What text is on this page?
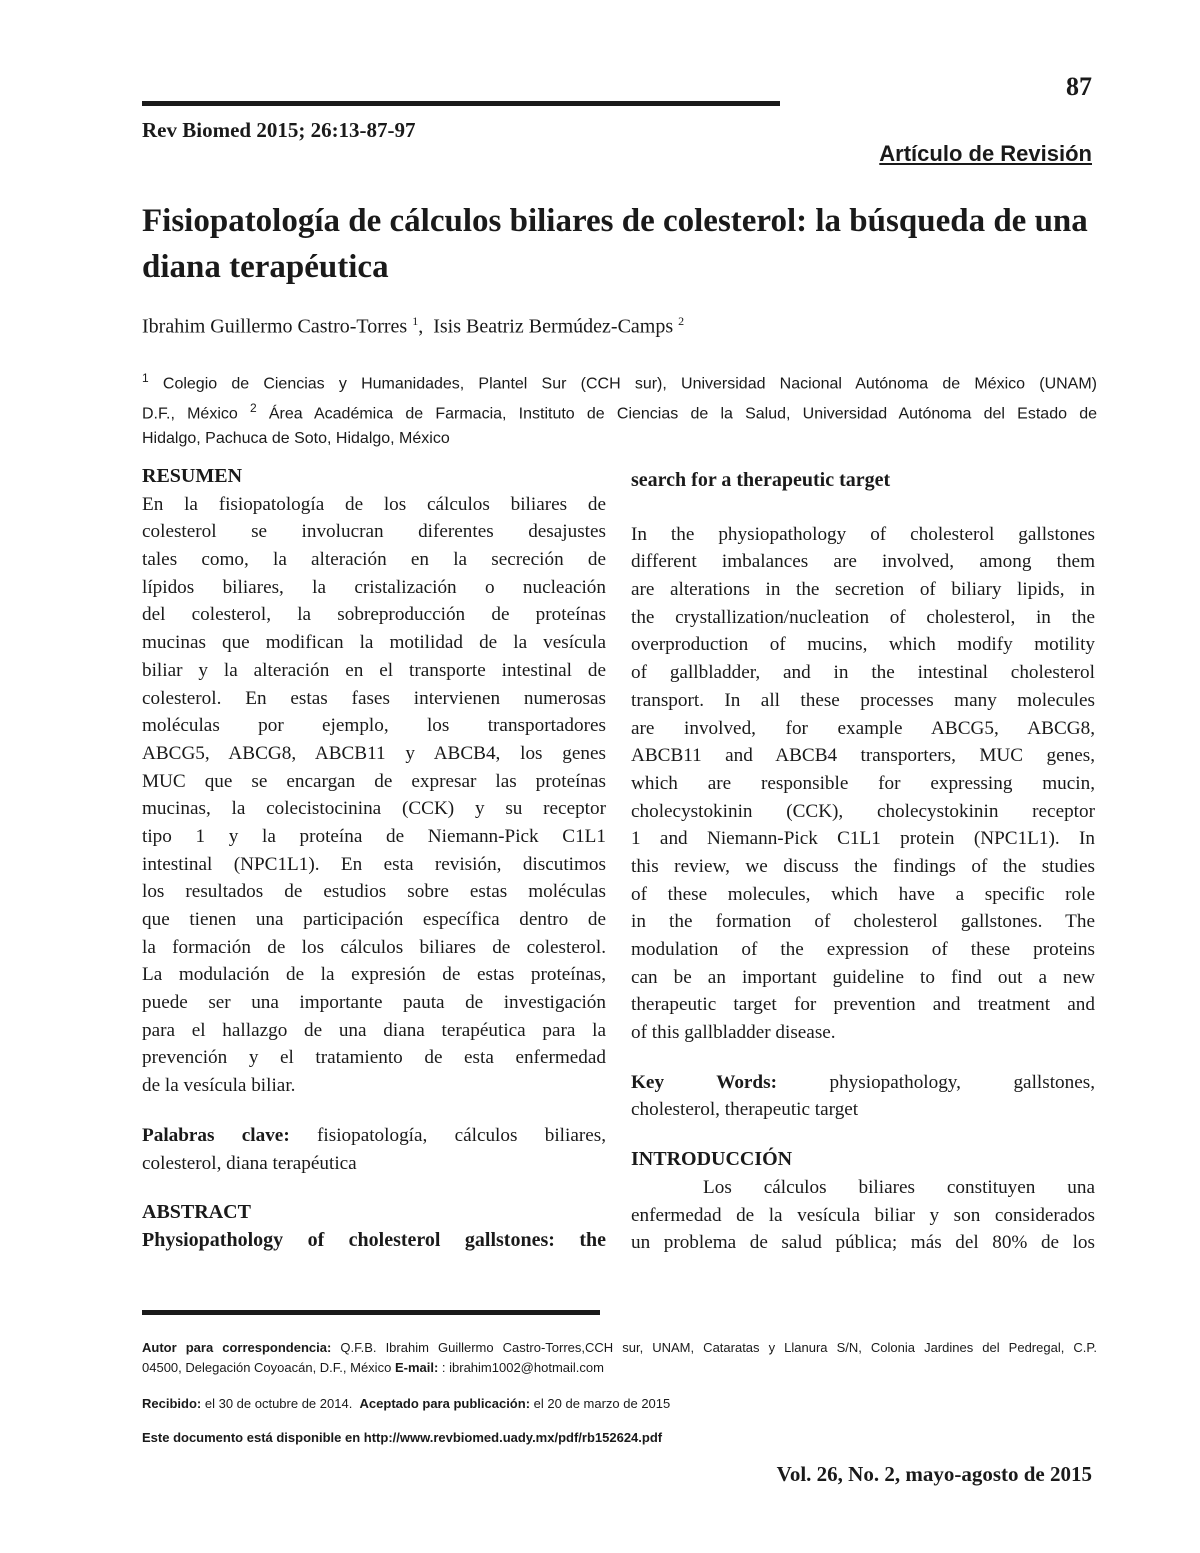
87
Rev Biomed 2015; 26:13-87-97
Artículo de Revisión
Fisiopatología de cálculos biliares de colesterol: la búsqueda de una diana terapéutica
Ibrahim Guillermo Castro-Torres $^1$, Isis Beatriz Bermúdez-Camps $^2$
$^1$ Colegio de Ciencias y Humanidades, Plantel Sur (CCH sur), Universidad Nacional Autónoma de México (UNAM)
D.F., México $^2$ Área Académica de Farmacia, Instituto de Ciencias de la Salud, Universidad Autónoma del Estado de
Hidalgo, Pachuca de Soto, Hidalgo, México
RESUMEN
En la fisiopatología de los cálculos biliares de
colesterol se involucran diferentes desajustes
tales como, la alteración en la secreción de
lípidos biliares, la cristalización o nucleación
del colesterol, la sobreproducción de proteínas
mucinas que modifican la motilidad de la vesícula
biliar y la alteración en el transporte intestinal de
colesterol. En estas fases intervienen numerosas
moléculas por ejemplo, los transportadores
ABCG5, ABCG8, ABCB11 y ABCB4, los genes
MUC que se encargan de expresar las proteínas
mucinas, la colecistocinina (CCK) y su receptor
tipo 1 y la proteína de Niemann-Pick C1L1
intestinal (NPC1L1). En esta revisión, discutimos
los resultados de estudios sobre estas moléculas
que tienen una participación específica dentro de
la formación de los cálculos biliares de colesterol.
La modulación de la expresión de estas proteínas,
puede ser una importante pauta de investigación
para el hallazgo de una diana terapéutica para la
prevención y el tratamiento de esta enfermedad
de la vesícula biliar.
Palabras clave: fisiopatología, cálculos biliares,
colesterol, diana terapéutica
ABSTRACT
Physiopathology of cholesterol gallstones: the
search for a therapeutic target
In the physiopathology of cholesterol gallstones
different imbalances are involved, among them
are alterations in the secretion of biliary lipids, in
the crystallization/nucleation of cholesterol, in the
overproduction of mucins, which modify motility
of gallbladder, and in the intestinal cholesterol
transport. In all these processes many molecules
are involved, for example ABCG5, ABCG8,
ABCB11 and ABCB4 transporters, MUC genes,
which are responsible for expressing mucin,
cholecystokinin (CCK), cholecystokinin receptor
1 and Niemann-Pick C1L1 protein (NPC1L1). In
this review, we discuss the findings of the studies
of these molecules, which have a specific role
in the formation of cholesterol gallstones. The
modulation of the expression of these proteins
can be an important guideline to find out a new
therapeutic target for prevention and treatment and
of this gallbladder disease.
Key Words:	physiopathology, gallstones,
cholesterol, therapeutic target
INTRODUCCIÓN
Los cálculos biliares constituyen una
enfermedad de la vesícula biliar y son considerados
un problema de salud pública; más del 80% de los
Autor para correspondencia: Q.F.B. Ibrahim Guillermo Castro-Torres,CCH sur, UNAM, Cataratas y Llanura S/N, Colonia Jardines del Pedregal, C.P.
04500, Delegación Coyoacán, D.F., México E-mail: : ibrahim1002@hotmail.com
Recibido: el 30 de octubre de 2014. Aceptado para publicación: el 20 de marzo de 2015
Este documento está disponible en http://www.revbiomed.uady.mx/pdf/rb152624.pdf
Vol. 26, No. 2, mayo-agosto de 2015
